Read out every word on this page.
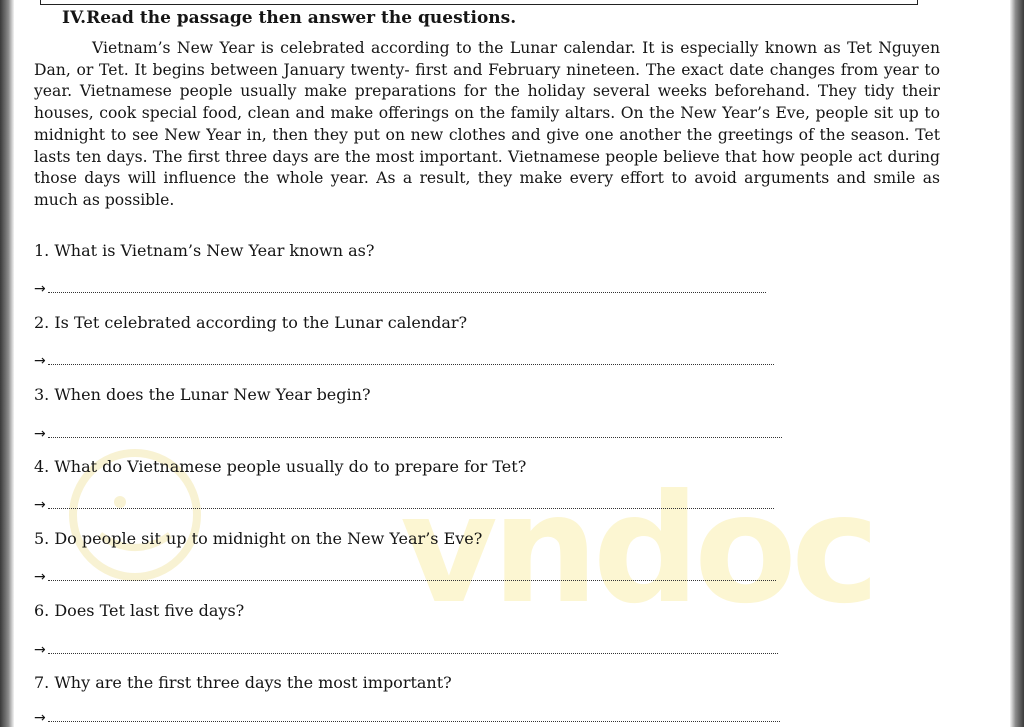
vndoc
IV.Read the passage then answer the questions.

Vietnam’s New Year is celebrated according to the Lunar calendar. It is especially known as Tet Nguyen Dan, or Tet. It begins between January twenty- first and February nineteen. The exact date changes from year to year. Vietnamese people usually make preparations for the holiday several weeks beforehand. They tidy their houses, cook special food, clean and make offerings on the family altars. On the New Year’s Eve, people sit up to midnight to see New Year in, then they put on new clothes and give one another the greetings of the season. Tet lasts ten days. The first three days are the most important. Vietnamese people believe that how people act during those days will influence the whole year. As a result, they make every effort to avoid arguments and smile as much as possible.

1. What is Vietnam’s New Year known as?
→
2. Is Tet celebrated according to the Lunar calendar?
→
3. When does the Lunar New Year begin?
→
4. What do Vietnamese people usually do to prepare for Tet?
→
5. Do people sit up to midnight on the New Year’s Eve?
→
6. Does Tet last five days?
→
7. Why are the first three days the most important?
→
